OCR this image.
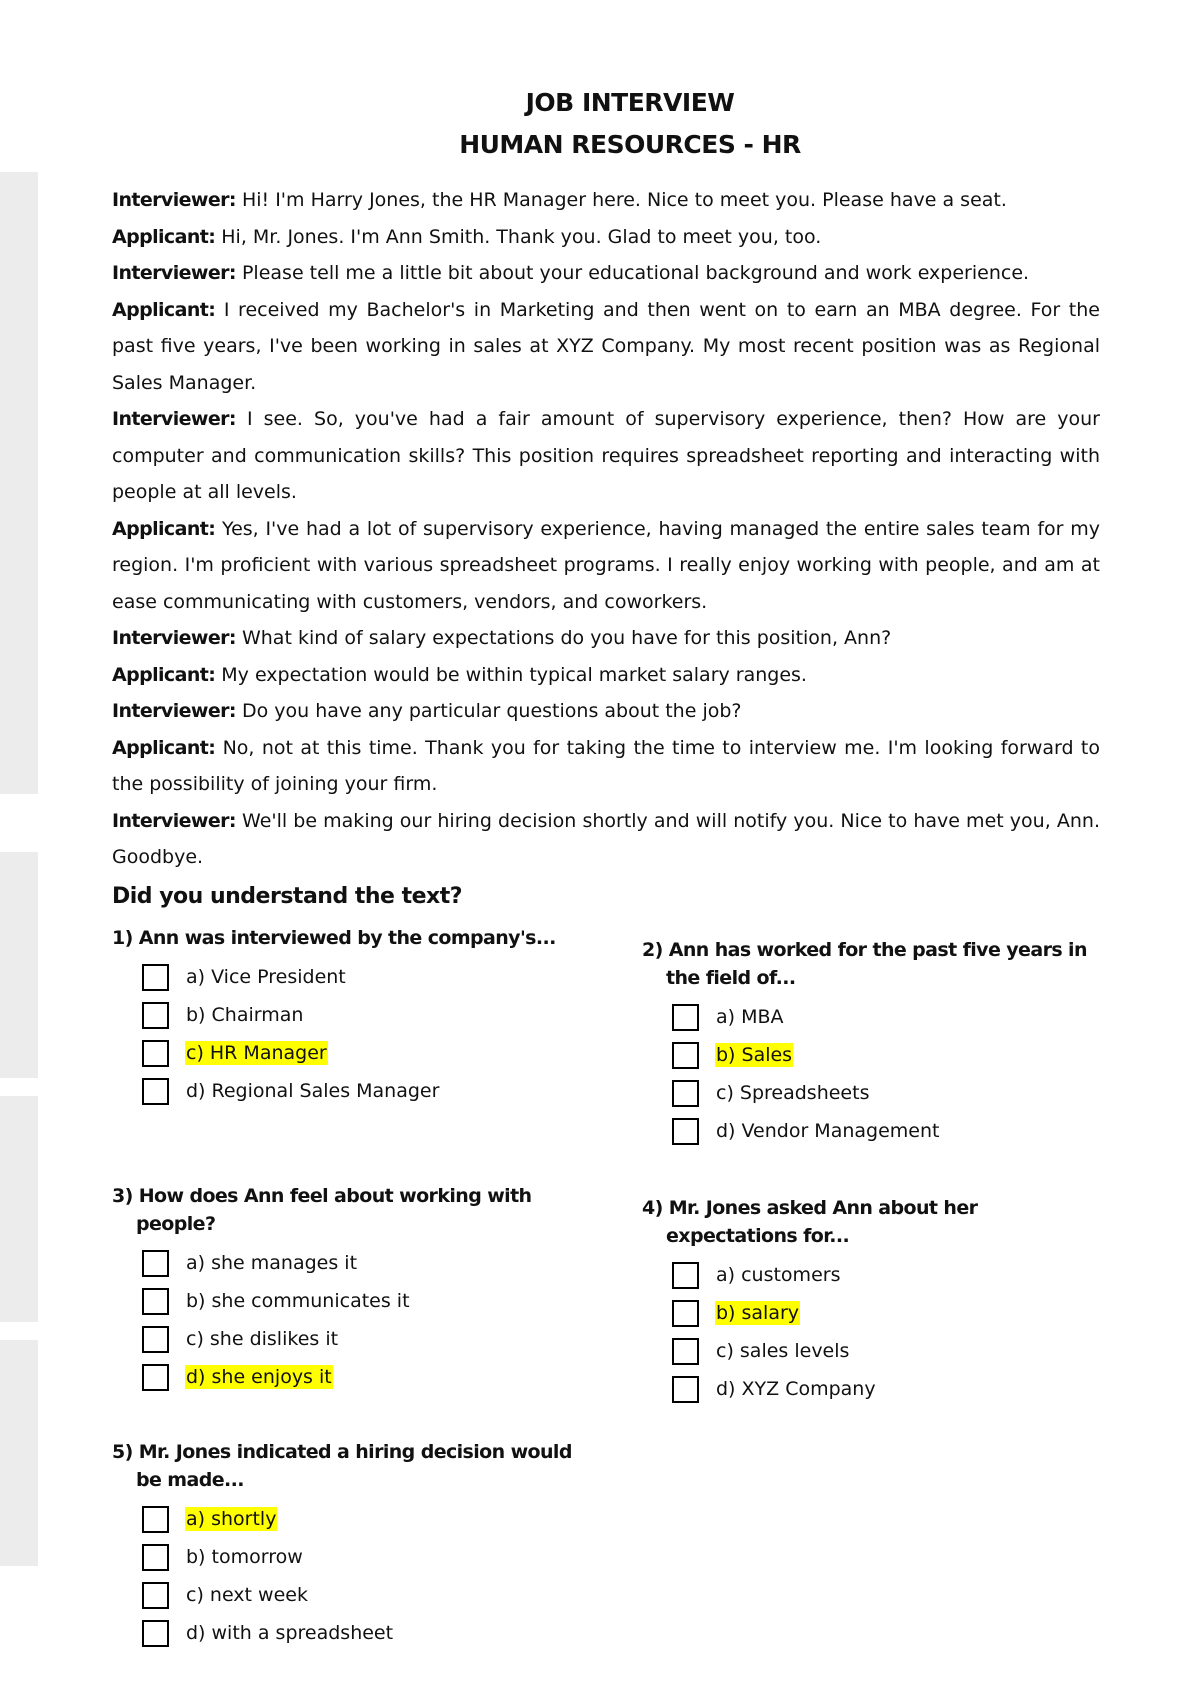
JOB INTERVIEW
HUMAN RESOURCES - HR

Interviewer: Hi! I'm Harry Jones, the HR Manager here. Nice to meet you. Please have a seat.

Applicant: Hi, Mr. Jones. I'm Ann Smith. Thank you. Glad to meet you, too.

Interviewer: Please tell me a little bit about your educational background and work experience.

Applicant: I received my Bachelor's in Marketing and then went on to earn an MBA degree. For the past five years, I've been working in sales at XYZ Company. My most recent position was as Regional Sales Manager.

Interviewer: I see. So, you've had a fair amount of supervisory experience, then? How are your computer and communication skills? This position requires spreadsheet reporting and interacting with people at all levels.

Applicant: Yes, I've had a lot of supervisory experience, having managed the entire sales team for my region. I'm proficient with various spreadsheet programs. I really enjoy working with people, and am at ease communicating with customers, vendors, and coworkers.

Interviewer: What kind of salary expectations do you have for this position, Ann?

Applicant: My expectation would be within typical market salary ranges.

Interviewer: Do you have any particular questions about the job?

Applicant: No, not at this time. Thank you for taking the time to interview me. I'm looking forward to the possibility of joining your firm.

Interviewer: We'll be making our hiring decision shortly and will notify you. Nice to have met you, Ann. Goodbye.

Did you understand the text?
1) Ann was interviewed by the company's...
a) Vice President
b) Chairman
c) HR Manager
d) Regional Sales Manager
2) Ann has worked for the past five years in the field of...
a) MBA
b) Sales
c) Spreadsheets
d) Vendor Management
3) How does Ann feel about working with people?
a) she manages it
b) she communicates it
c) she dislikes it
d) she enjoys it
4) Mr. Jones asked Ann about her expectations for...
a) customers
b) salary
c) sales levels
d) XYZ Company
5) Mr. Jones indicated a hiring decision would be made...
a) shortly
b) tomorrow
c) next week
d) with a spreadsheet
